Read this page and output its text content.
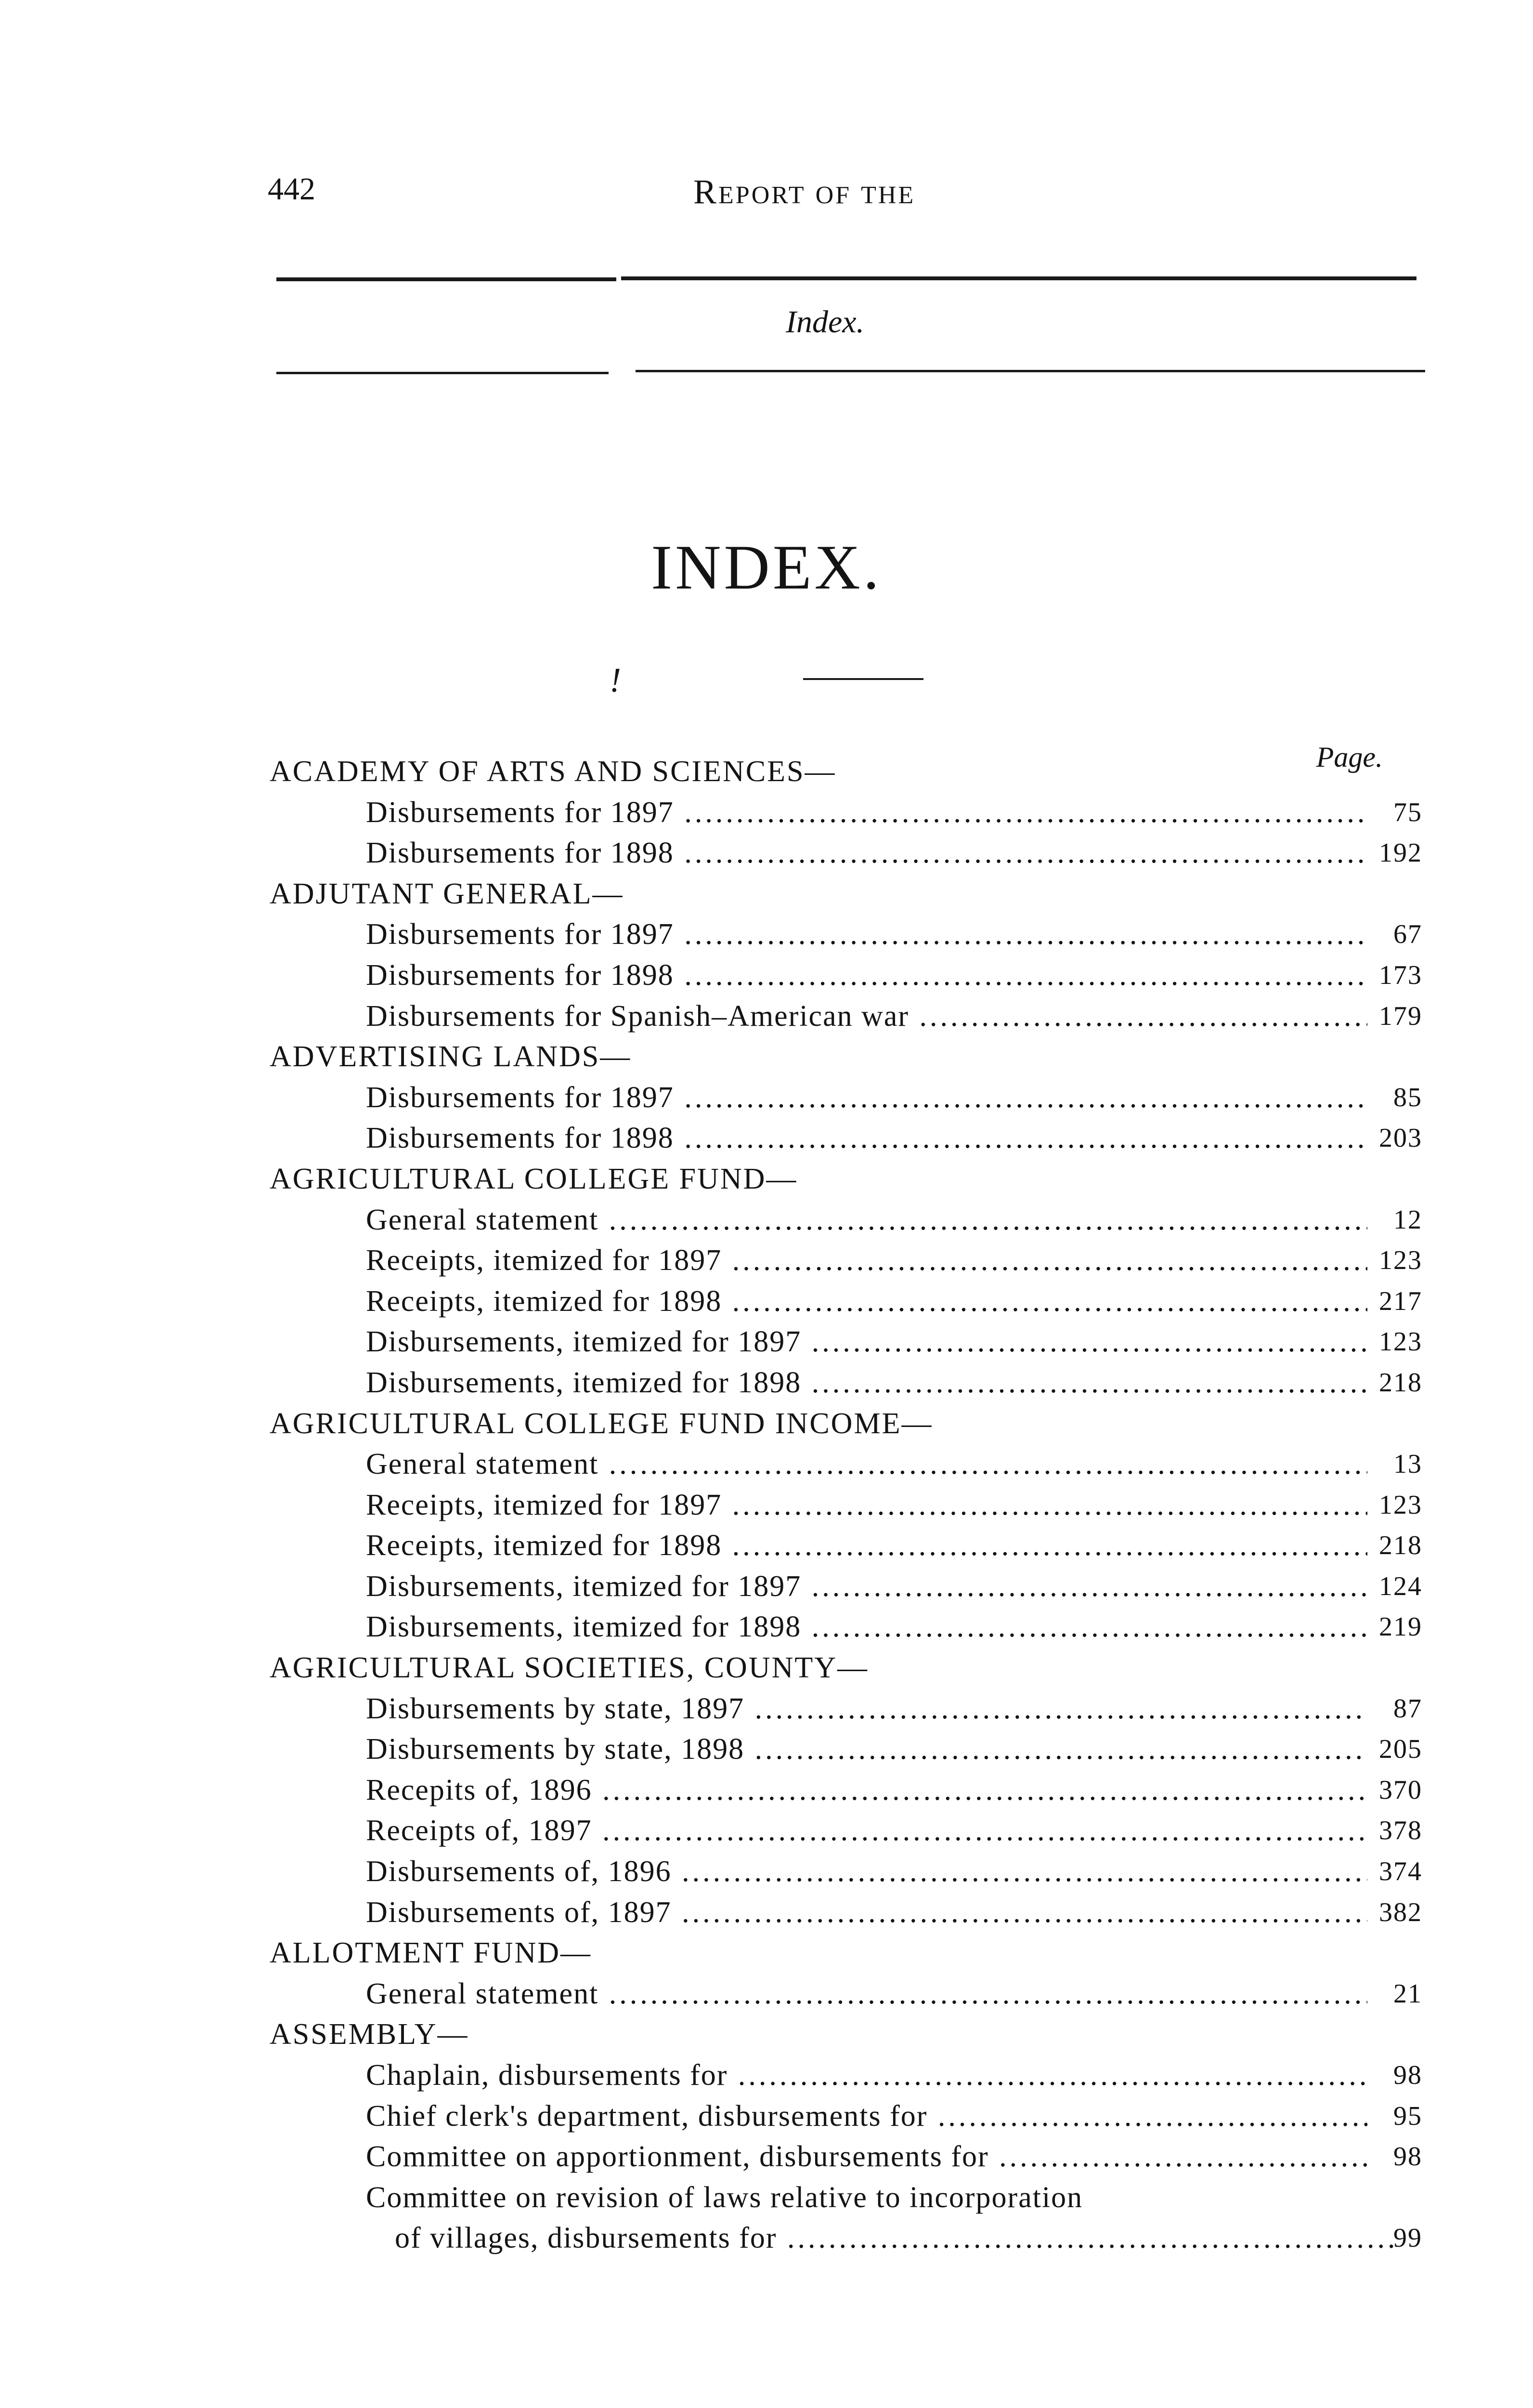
442	REPORT OF THE
Index.
INDEX.
!
Page.
ACADEMY OF ARTS AND SCIENCES—
Disbursements for 1897 .....	75
Disbursements for 1898 .....	192
ADJUTANT GENERAL—
Disbursements for 1897 .....	67
Disbursements for 1898 .....	173
Disbursements for Spanish–American war .....	179
ADVERTISING LANDS—
Disbursements for 1897 .....	85
Disbursements for 1898 .....	203
AGRICULTURAL COLLEGE FUND—
General statement .....	12
Receipts, itemized for 1897 .....	123
Receipts, itemized for 1898 .....	217
Disbursements, itemized for 1897 .....	123
Disbursements, itemized for 1898 .....	218
AGRICULTURAL COLLEGE FUND INCOME—
General statement .....	13
Receipts, itemized for 1897 .....	123
Receipts, itemized for 1898 .....	218
Disbursements, itemized for 1897 .....	124
Disbursements, itemized for 1898 .....	219
AGRICULTURAL SOCIETIES, COUNTY—
Disbursements by state, 1897 .....	87
Disbursements by state, 1898 .....	205
Recepits of, 1896 .....	370
Receipts of, 1897 .....	378
Disbursements of, 1896 .....	374
Disbursements of, 1897 .....	382
ALLOTMENT FUND—
General statement .....	21
ASSEMBLY—
Chaplain, disbursements for .....	98
Chief clerk's department, disbursements for .....	95
Committee on apportionment, disbursements for .....	98
Committee on revision of laws relative to incorporation
of villages, disbursements for .....	99
